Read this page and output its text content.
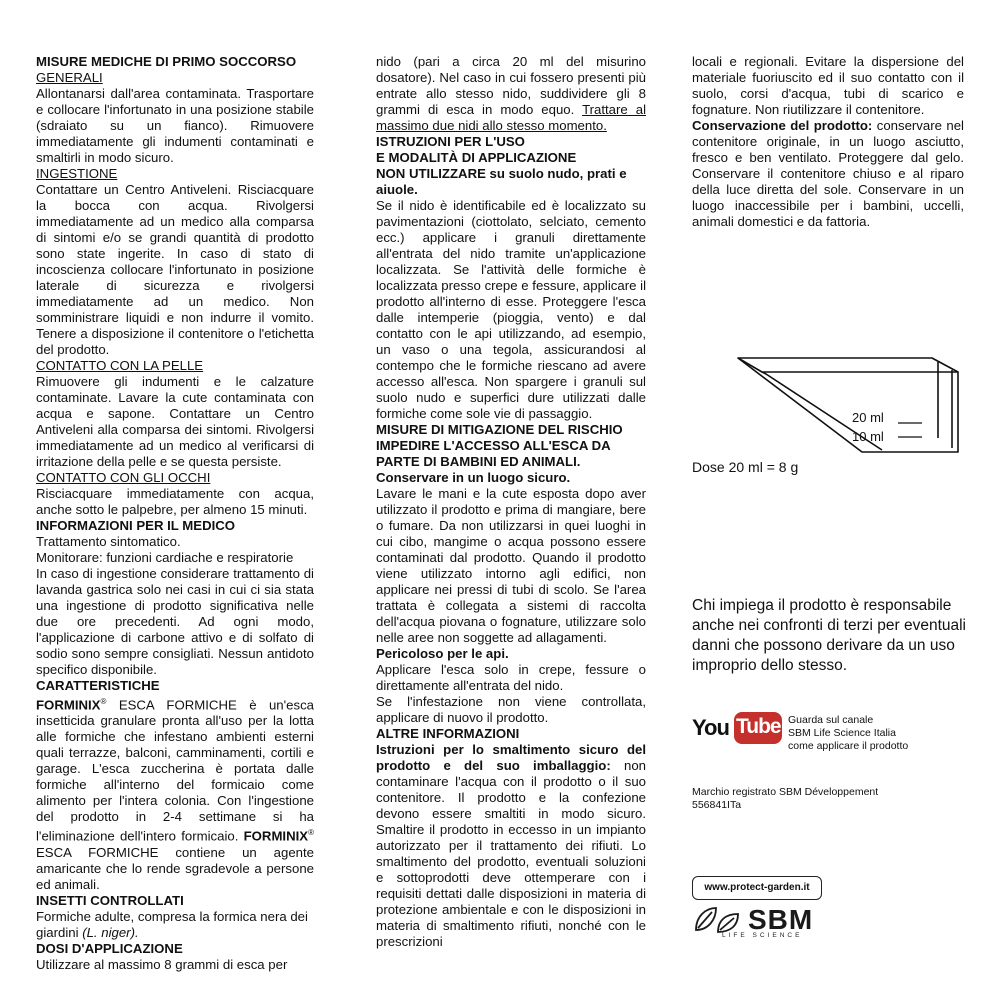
MISURE MEDICHE DI PRIMO SOCCORSO

GENERALI

Allontanarsi dall'area contaminata. Trasportare e collocare l'infortunato in una posizione stabile (sdraiato su un fianco). Rimuovere immediatamente gli indumenti contaminati e smaltirli in modo sicuro.

INGESTIONE

Contattare un Centro Antiveleni. Risciacquare la bocca con acqua. Rivolgersi immediatamente ad un medico alla comparsa di sintomi e/o se grandi quantità di prodotto sono state ingerite. In caso di stato di incoscienza collocare l'infortunato in posizione laterale di sicurezza e rivolgersi immediatamente ad un medico. Non somministrare liquidi e non indurre il vomito. Tenere a disposizione il contenitore o l'etichetta del prodotto.

CONTATTO CON LA PELLE

Rimuovere gli indumenti e le calzature contaminate. Lavare la cute contaminata con acqua e sapone. Contattare un Centro Antiveleni alla comparsa dei sintomi. Rivolgersi immediatamente ad un medico al verificarsi di irritazione della pelle e se questa persiste.

CONTATTO CON GLI OCCHI

Risciacquare immediatamente con acqua, anche sotto le palpebre, per almeno 15 minuti.

INFORMAZIONI PER IL MEDICO

Trattamento sintomatico.

Monitorare: funzioni cardiache e respiratorie

In caso di ingestione considerare trattamento di lavanda gastrica solo nei casi in cui ci sia stata una ingestione di prodotto significativa nelle due ore precedenti. Ad ogni modo, l'applicazione di carbone attivo e di solfato di sodio sono sempre consigliati. Nessun antidoto specifico disponibile.

CARATTERISTICHE

FORMINIX® ESCA FORMICHE è un'esca insetticida granulare pronta all'uso per la lotta alle formiche che infestano ambienti esterni quali terrazze, balconi, camminamenti, cortili e garage. L'esca zuccherina è portata dalle formiche all'interno del formicaio come alimento per l'intera colonia. Con l'ingestione del prodotto in 2-4 settimane si ha l'eliminazione dell'intero formicaio. FORMINIX® ESCA FORMICHE contiene un agente amaricante che lo rende sgradevole a persone ed animali.

INSETTI CONTROLLATI

Formiche adulte, compresa la formica nera dei giardini (L. niger).

DOSI D'APPLICAZIONE

Utilizzare al massimo 8 grammi di esca per

nido (pari a circa 20 ml del misurino dosatore). Nel caso in cui fossero presenti più entrate allo stesso nido, suddividere gli 8 grammi di esca in modo equo. Trattare al massimo due nidi allo stesso momento.

ISTRUZIONI PER L'USO

E MODALITÀ DI APPLICAZIONE

NON UTILIZZARE su suolo nudo, prati e aiuole.

Se il nido è identificabile ed è localizzato su pavimentazioni (ciottolato, selciato, cemento ecc.) applicare i granuli direttamente all'entrata del nido tramite un'applicazione localizzata. Se l'attività delle formiche è localizzata presso crepe e fessure, applicare il prodotto all'interno di esse. Proteggere l'esca dalle intemperie (pioggia, vento) e dal contatto con le api utilizzando, ad esempio, un vaso o una tegola, assicurandosi al contempo che le formiche riescano ad avere accesso all'esca. Non spargere i granuli sul suolo nudo e superfici dure utilizzati dalle formiche come sole vie di passaggio.

MISURE DI MITIGAZIONE DEL RISCHIO

IMPEDIRE L'ACCESSO ALL'ESCA DA PARTE DI BAMBINI ED ANIMALI.

Conservare in un luogo sicuro.

Lavare le mani e la cute esposta dopo aver utilizzato il prodotto e prima di mangiare, bere o fumare. Da non utilizzarsi in quei luoghi in cui cibo, mangime o acqua possono essere contaminati dal prodotto. Quando il prodotto viene utilizzato intorno agli edifici, non applicare nei pressi di tubi di scolo. Se l'area trattata è collegata a sistemi di raccolta dell'acqua piovana o fognature, utilizzare solo nelle aree non soggette ad allagamenti.

Pericoloso per le api.

Applicare l'esca solo in crepe, fessure o direttamente all'entrata del nido.

Se l'infestazione non viene controllata, applicare di nuovo il prodotto.

ALTRE INFORMAZIONI

Istruzioni per lo smaltimento sicuro del prodotto e del suo imballaggio: non contaminare l'acqua con il prodotto o il suo contenitore. Il prodotto e la confezione devono essere smaltiti in modo sicuro. Smaltire il prodotto in eccesso in un impianto autorizzato per il trattamento dei rifiuti. Lo smaltimento del prodotto, eventuali soluzioni e sottoprodotti deve ottemperare con i requisiti dettati dalle disposizioni in materia di protezione ambientale e con le disposizioni in materia di smaltimento rifiuti, nonché con le prescrizioni

locali e regionali. Evitare la dispersione del materiale fuoriuscito ed il suo contatto con il suolo, corsi d'acqua, tubi di scarico e fognature. Non riutilizzare il contenitore.

Conservazione del prodotto: conservare nel contenitore originale, in un luogo asciutto, fresco e ben ventilato. Proteggere dal gelo. Conservare il contenitore chiuso e al riparo della luce diretta del sole. Conservare in un luogo inaccessibile per i bambini, uccelli, animali domestici e da fattoria.

20 ml
10 ml
Dose 20 ml = 8 g
Chi impiega il prodotto è responsabile anche nei confronti di terzi per eventuali danni che possono derivare da un uso improprio dello stesso.
You Tube Guarda sul canale
SBM Life Science Italia
come applicare il prodotto
Marchio registrato SBM Développement
556841ITa
www.protect-garden.it
SBM
LIFE SCIENCE
